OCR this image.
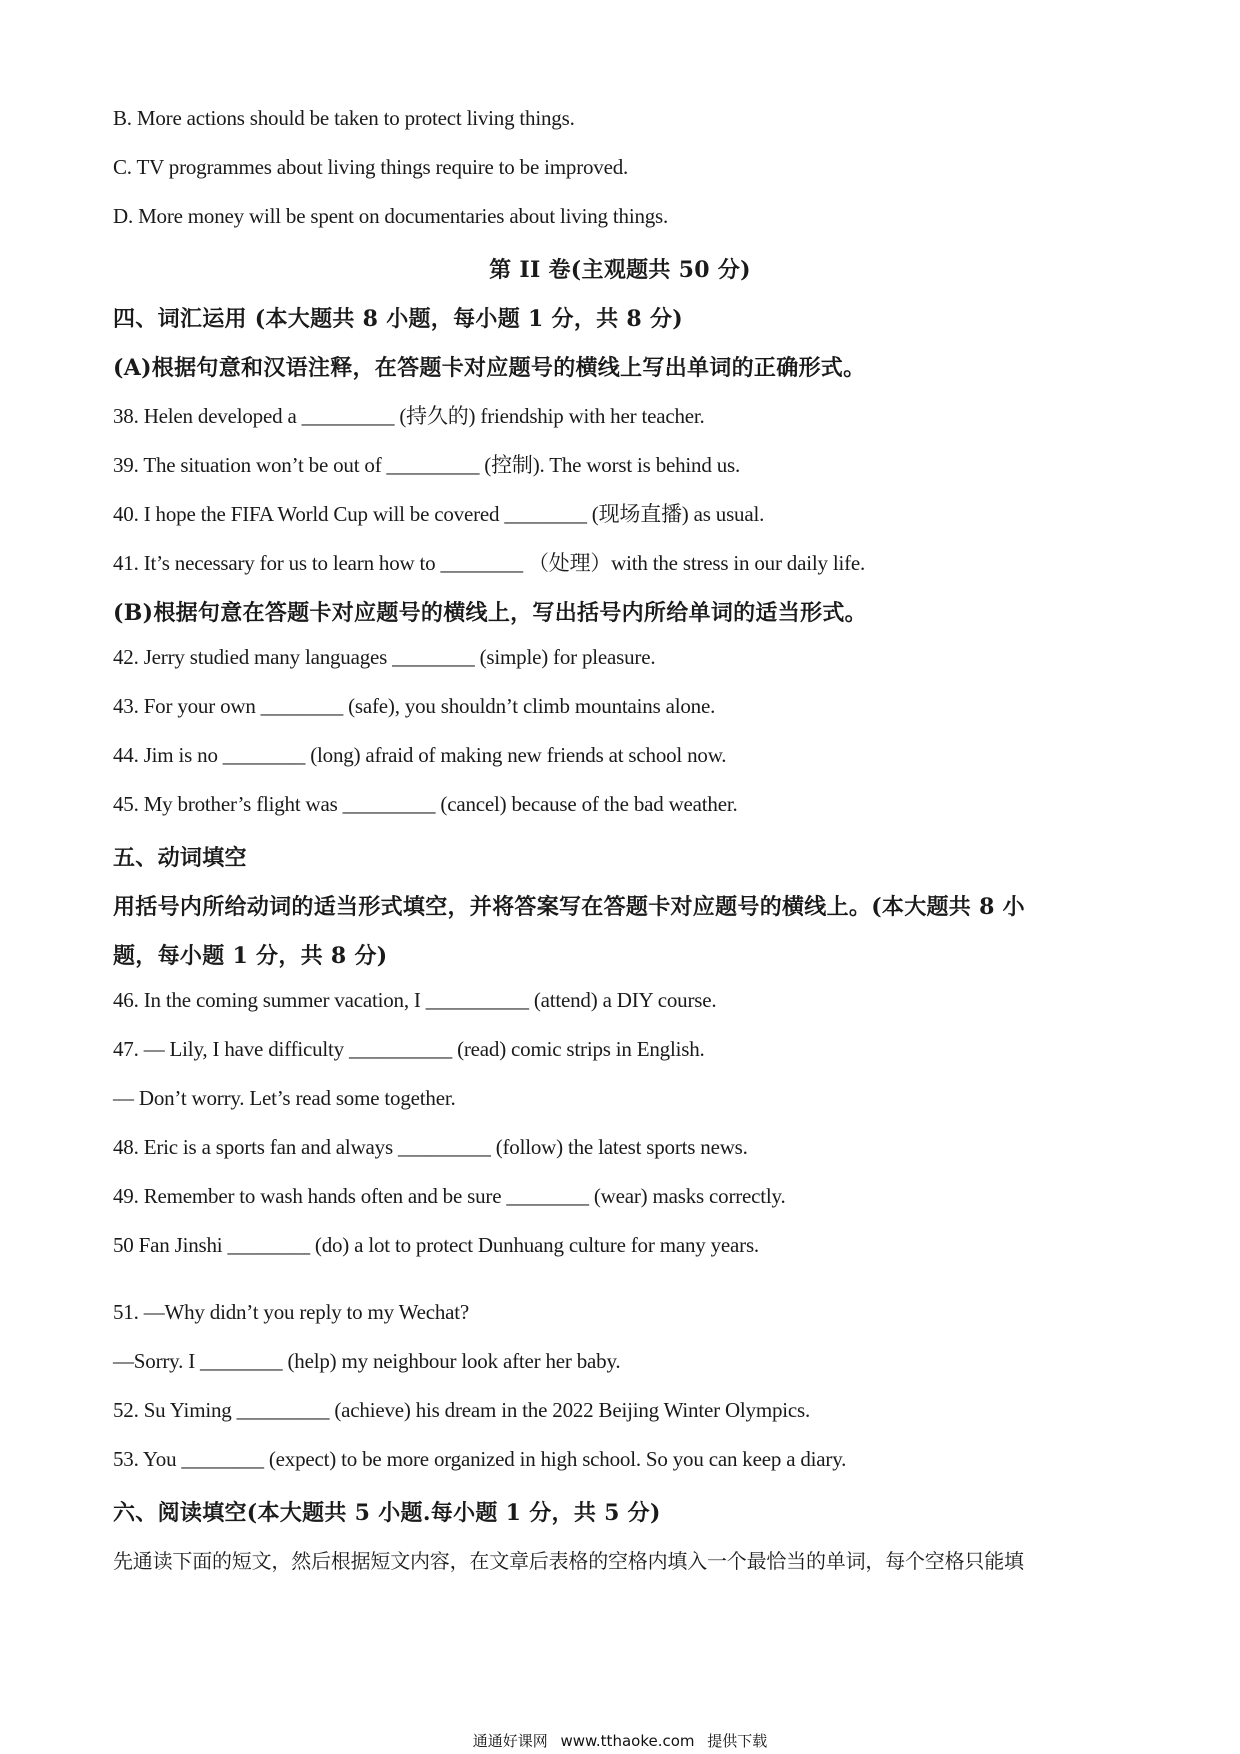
B. More actions should be taken to protect living things.
C. TV programmes about living things require to be improved.
D. More money will be spent on documentaries about living things.
第 II 卷(主观题共 50 分)
四、词汇运用 (本大题共 8 小题，每小题 1 分，共 8 分)
(A)根据句意和汉语注释，在答题卡对应题号的横线上写出单词的正确形式。
38. Helen developed a _________ (持久的) friendship with her teacher.
39. The situation won’t be out of _________ (控制). The worst is behind us.
40. I hope the FIFA World Cup will be covered ________ (现场直播) as usual.
41. It’s necessary for us to learn how to ________ （处理）with the stress in our daily life.
(B)根据句意在答题卡对应题号的横线上，写出括号内所给单词的适当形式。
42. Jerry studied many languages ________ (simple) for pleasure.
43. For your own ________ (safe), you shouldn’t climb mountains alone.
44. Jim is no ________ (long) afraid of making new friends at school now.
45. My brother’s flight was _________ (cancel) because of the bad weather.
五、动词填空
用括号内所给动词的适当形式填空，并将答案写在答题卡对应题号的横线上。(本大题共 8 小
题，每小题 1 分，共 8 分)
46. In the coming summer vacation, I __________ (attend) a DIY course.
47. — Lily, I have difficulty __________ (read) comic strips in English.
— Don’t worry. Let’s read some together.
48. Eric is a sports fan and always _________ (follow) the latest sports news.
49. Remember to wash hands often and be sure ________ (wear) masks correctly.
50 Fan Jinshi ________ (do) a lot to protect Dunhuang culture for many years.
51. —Why didn’t you reply to my Wechat?
—Sorry. I ________ (help) my neighbour look after her baby.
52. Su Yiming _________ (achieve) his dream in the 2022 Beijing Winter Olympics.
53. You ________ (expect) to be more organized in high school. So you can keep a diary.
六、阅读填空(本大题共 5 小题.每小题 1 分，共 5 分)
先通读下面的短文，然后根据短文内容，在文章后表格的空格内填入一个最恰当的单词，每个空格只能填
通通好课网 www.tthaoke.com 提供下载
